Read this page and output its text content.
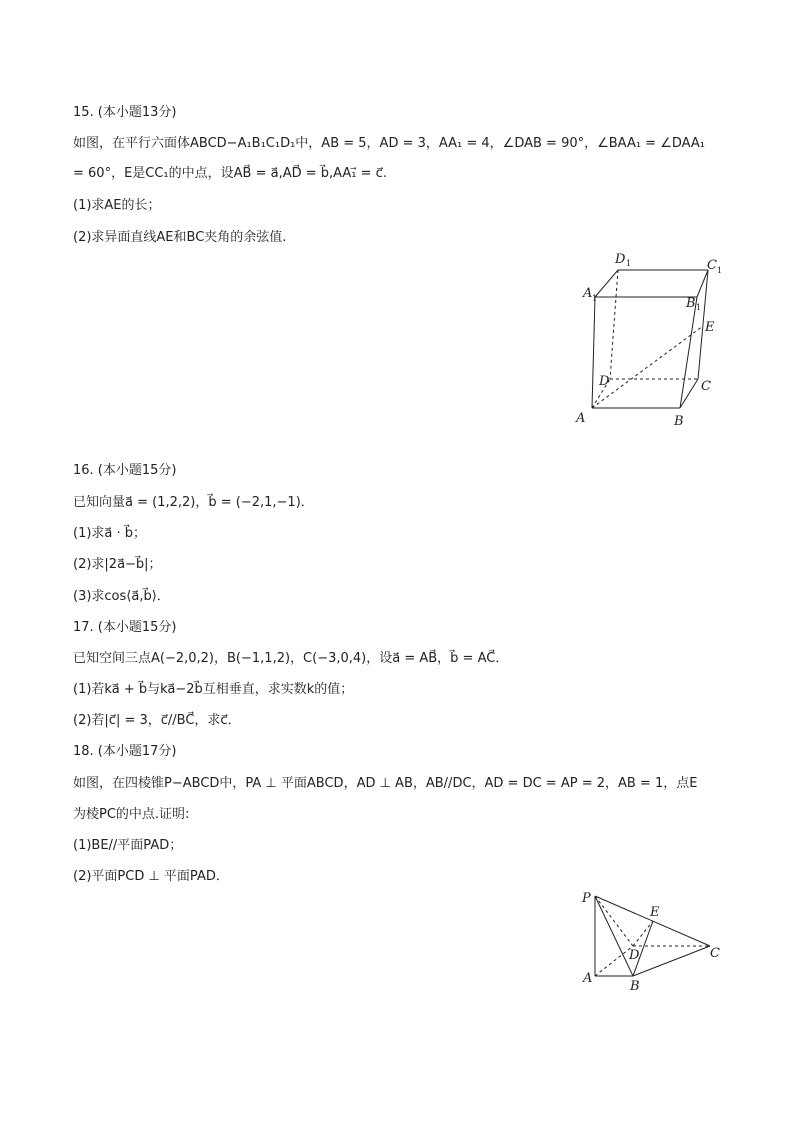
15. (本小题13分)
如图，在平行六面体ABCD−A₁B₁C₁D₁中，AB = 5，AD = 3，AA₁ = 4，∠DAB = 90°，∠BAA₁ = ∠DAA₁
= 60°，E是CC₁的中点，设AB⃗ = a⃗,AD⃗ = b⃗,AA₁⃗ = c⃗.
(1)求AE的长；
(2)求异面直线AE和BC夹角的余弦值.
D 1	C 1
A 1	B 1
E
D	C
A	B
16. (本小题15分)
已知向量a⃗ = (1,2,2)，b⃗ = (−2,1,−1)．
(1)求a⃗ · b⃗；
(2)求|2a⃗−b⃗|；
(3)求cos⟨a⃗,b⃗⟩．
17. (本小题15分)
已知空间三点A(−2,0,2)，B(−1,1,2)，C(−3,0,4)，设a⃗ = AB⃗，b⃗ = AC⃗．
(1)若ka⃗ + b⃗与ka⃗−2b⃗互相垂直，求实数k的值；
(2)若|c⃗| = 3，c⃗//BC⃗，求c⃗．
18. (本小题17分)
如图，在四棱锥P−ABCD中，PA ⊥ 平面ABCD，AD ⊥ AB，AB//DC，AD = DC = AP = 2，AB = 1，点E
为棱PC的中点.证明:
(1)BE//平面PAD；
(2)平面PCD ⊥ 平面PAD．
P
E
D	C
A
B
